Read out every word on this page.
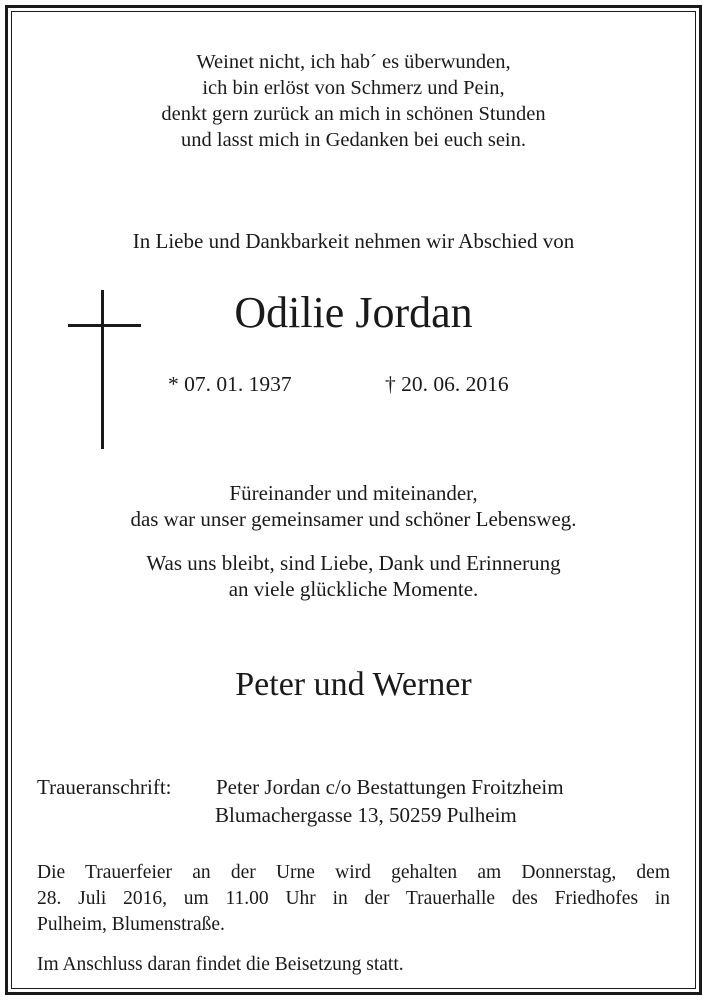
Weinet nicht, ich hab´ es überwunden,
ich bin erlöst von Schmerz und Pein,
denkt gern zurück an mich in schönen Stunden
und lasst mich in Gedanken bei euch sein.
In Liebe und Dankbarkeit nehmen wir Abschied von
Odilie Jordan
* 07. 01. 1937	† 20. 06. 2016
Füreinander und miteinander,
das war unser gemeinsamer und schöner Lebensweg.
Was uns bleibt, sind Liebe, Dank und Erinnerung
an viele glückliche Momente.
Peter und Werner
Traueranschrift: Peter Jordan c/o Bestattungen Froitzheim
Blumachergasse 13, 50259 Pulheim
Die Trauerfeier an der Urne wird gehalten am Donnerstag, dem
28. Juli 2016, um 11.00 Uhr in der Trauerhalle des Friedhofes in
Pulheim, Blumenstraße.
Im Anschluss daran findet die Beisetzung statt.
